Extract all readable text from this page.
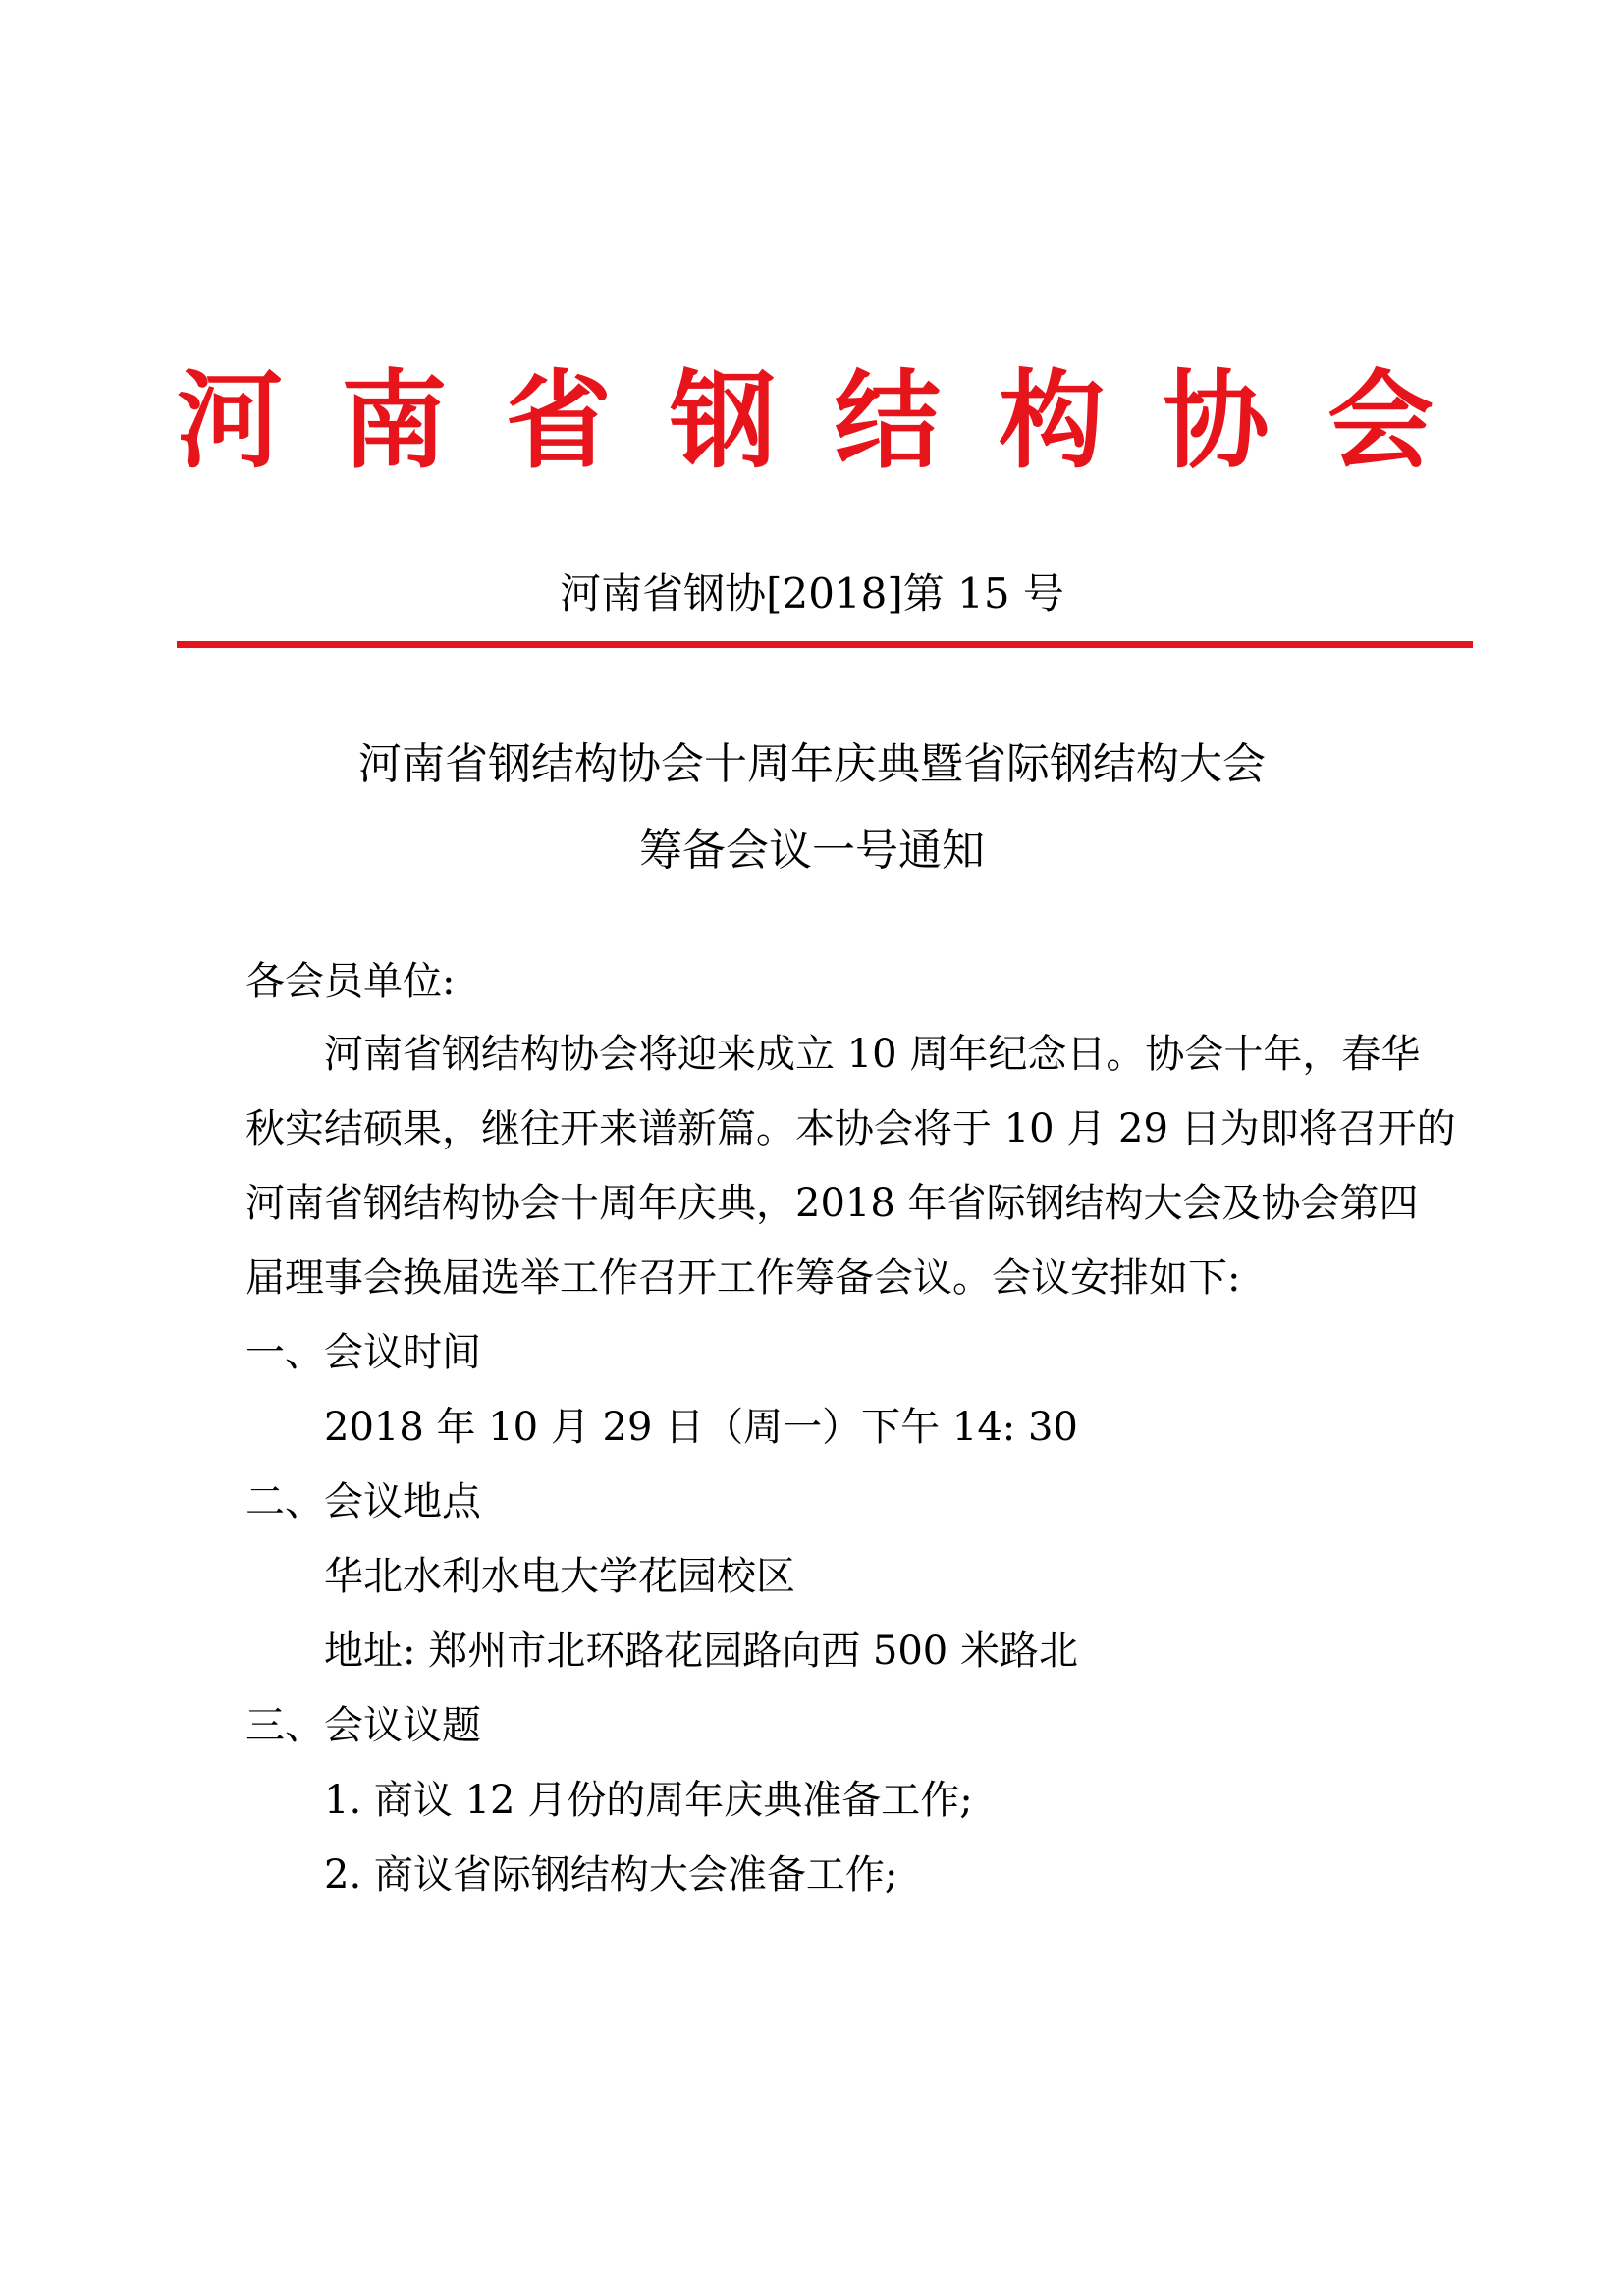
河 南 省 钢 结 构 协 会

河南省钢协[2018]第 15 号

河南省钢结构协会十周年庆典暨省际钢结构大会
筹备会议一号通知

各会员单位:

河南省钢结构协会将迎来成立 10 周年纪念日。协会十年，春华

秋实结硕果，继往开来谱新篇。本协会将于 10 月 29 日为即将召开的

河南省钢结构协会十周年庆典，2018 年省际钢结构大会及协会第四

届理事会换届选举工作召开工作筹备会议。会议安排如下:

一、会议时间

2018 年 10 月 29 日（周一）下午 14: 30

二、会议地点

华北水利水电大学花园校区

地址: 郑州市北环路花园路向西 500 米路北

三、会议议题

1. 商议 12 月份的周年庆典准备工作;

2. 商议省际钢结构大会准备工作;
